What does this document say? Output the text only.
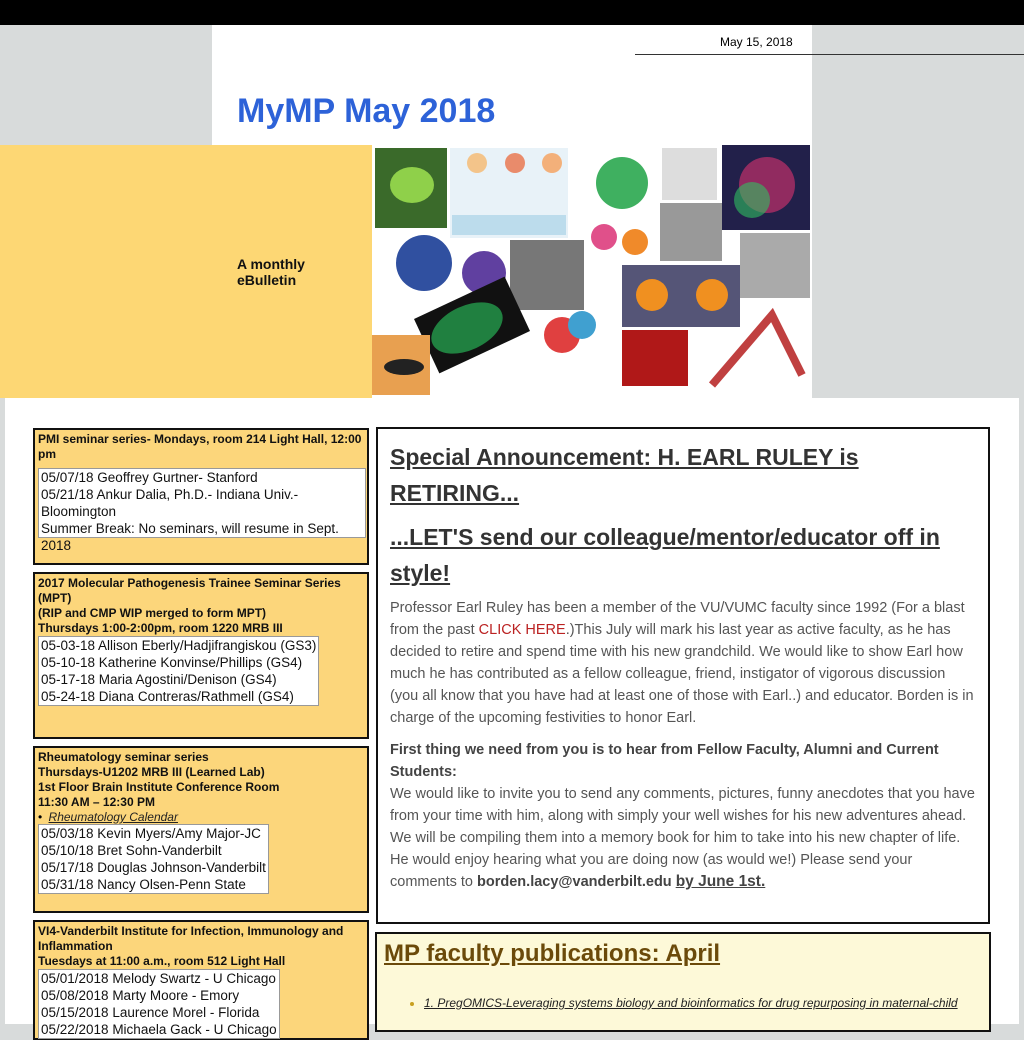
May 15, 2018
MyMP May 2018
A monthly eBulletin
PMI seminar series- Mondays, room 214 Light Hall, 12:00 pm
05/07/18 Geoffrey Gurtner- Stanford
05/21/18 Ankur Dalia, Ph.D.- Indiana Univ.-Bloomington
Summer Break: No seminars, will resume in Sept. 2018
2017 Molecular Pathogenesis Trainee Seminar Series (MPT)
(RIP and CMP WIP merged to form MPT)
Thursdays 1:00-2:00pm, room 1220 MRB III
05-03-18 Allison Eberly/Hadjifrangiskou (GS3)
05-10-18 Katherine Konvinse/Phillips (GS4)
05-17-18 Maria Agostini/Denison (GS4)
05-24-18 Diana Contreras/Rathmell (GS4)
Rheumatology seminar series
Thursdays-U1202 MRB III (Learned Lab)
1st Floor Brain Institute Conference Room
11:30 AM – 12:30 PM
• Rheumatology Calendar
05/03/18 Kevin Myers/Amy Major-JC
05/10/18 Bret Sohn-Vanderbilt
05/17/18 Douglas Johnson-Vanderbilt
05/31/18 Nancy Olsen-Penn State
VI4-Vanderbilt Institute for Infection, Immunology and Inflammation
Tuesdays at 11:00 a.m., room 512 Light Hall
05/01/2018 Melody Swartz - U Chicago
05/08/2018 Marty Moore - Emory
05/15/2018 Laurence Morel - Florida
05/22/2018 Michaela Gack - U Chicago
Special Announcement: H. EARL RULEY is RETIRING...
...LET'S send our colleague/mentor/educator off in style!

Professor Earl Ruley has been a member of the VU/VUMC faculty since 1992 (For a blast from the past CLICK HERE.)This July will mark his last year as active faculty, as he has decided to retire and spend time with his new grandchild. We would like to show Earl how much he has contributed as a fellow colleague, friend, instigator of vigorous discussion (you all know that you have had at least one of those with Earl..) and educator. Borden is in charge of the upcoming festivities to honor Earl.

First thing we need from you is to hear from Fellow Faculty, Alumni and Current Students:
We would like to invite you to send any comments, pictures, funny anecdotes that you have from your time with him, along with simply your well wishes for his new adventures ahead. We will be compiling them into a memory book for him to take into his new chapter of life. He would enjoy hearing what you are doing now (as would we!) Please send your comments to borden.lacy@vanderbilt.edu by June 1st.

MP faculty publications: April
• 1. PregOMICS-Leveraging systems biology and bioinformatics for drug repurposing in maternal-child
